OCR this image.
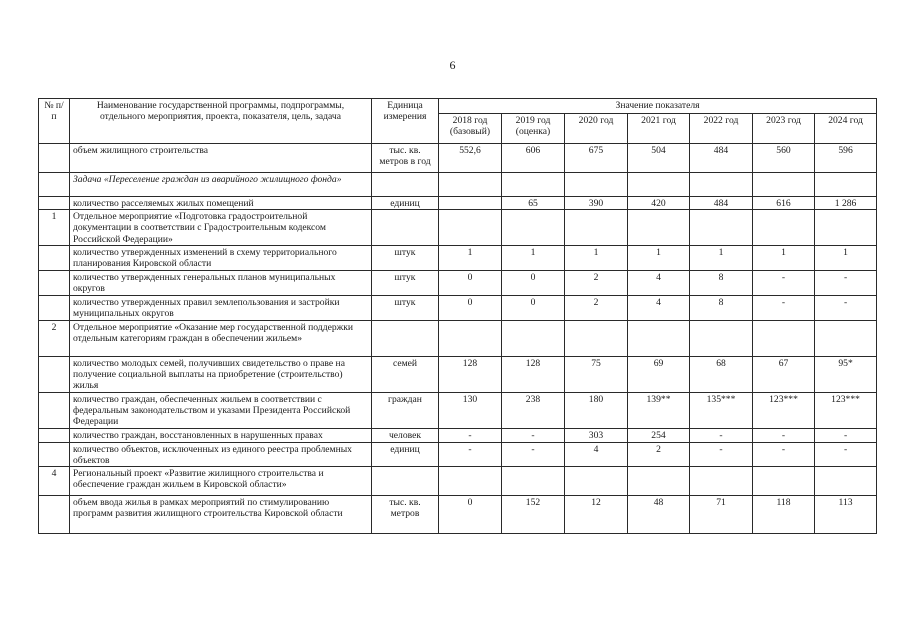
6
№ п/п	Наименование государственной программы, подпрограммы, отдельного мероприятия, проекта, показателя, цель, задача	Единица измерения	Значение показателя						
			2018 год (базовый)	2019 год (оценка)	2020 год	2021 год	2022 год	2023 год	2024 год
	объем жилищного строительства	тыс. кв. метров в год	552,6	606	675	504	484	560	596
	Задача «Переселение граждан из аварийного жилищного фонда»								
	количество расселяемых жилых помещений	единиц		65	390	420	484	616	1 286
1	Отдельное мероприятие «Подготовка градостроительной документации в соответствии с Градостроительным кодексом Российской Федерации»								
	количество утвержденных изменений в схему территориального планирования Кировской области	штук	1	1	1	1	1	1	1
	количество утвержденных генеральных планов муниципальных округов	штук	0	0	2	4	8	-	-
	количество утвержденных правил землепользования и застройки муниципальных округов	штук	0	0	2	4	8	-	-
2	Отдельное мероприятие «Оказание мер государственной поддержки отдельным категориям граждан в обеспечении жильем»								
	количество молодых семей, получивших свидетельство о праве на получение социальной выплаты на приобретение (строительство) жилья	семей	128	128	75	69	68	67	95*
	количество граждан, обеспеченных жильем в соответствии с федеральным законодательством и указами Президента Российской Федерации	граждан	130	238	180	139**	135***	123***	123***
	количество граждан, восстановленных в нарушенных правах	человек	-	-	303	254	-	-	-
	количество объектов, исключенных из единого реестра проблемных объектов	единиц	-	-	4	2	-	-	-
4	Региональный проект «Развитие жилищного строительства и обеспечение граждан жильем в Кировской области»								
	объем ввода жилья в рамках мероприятий по стимулированию программ развития жилищного строительства Кировской области	тыс. кв. метров	0	152	12	48	71	118	113
